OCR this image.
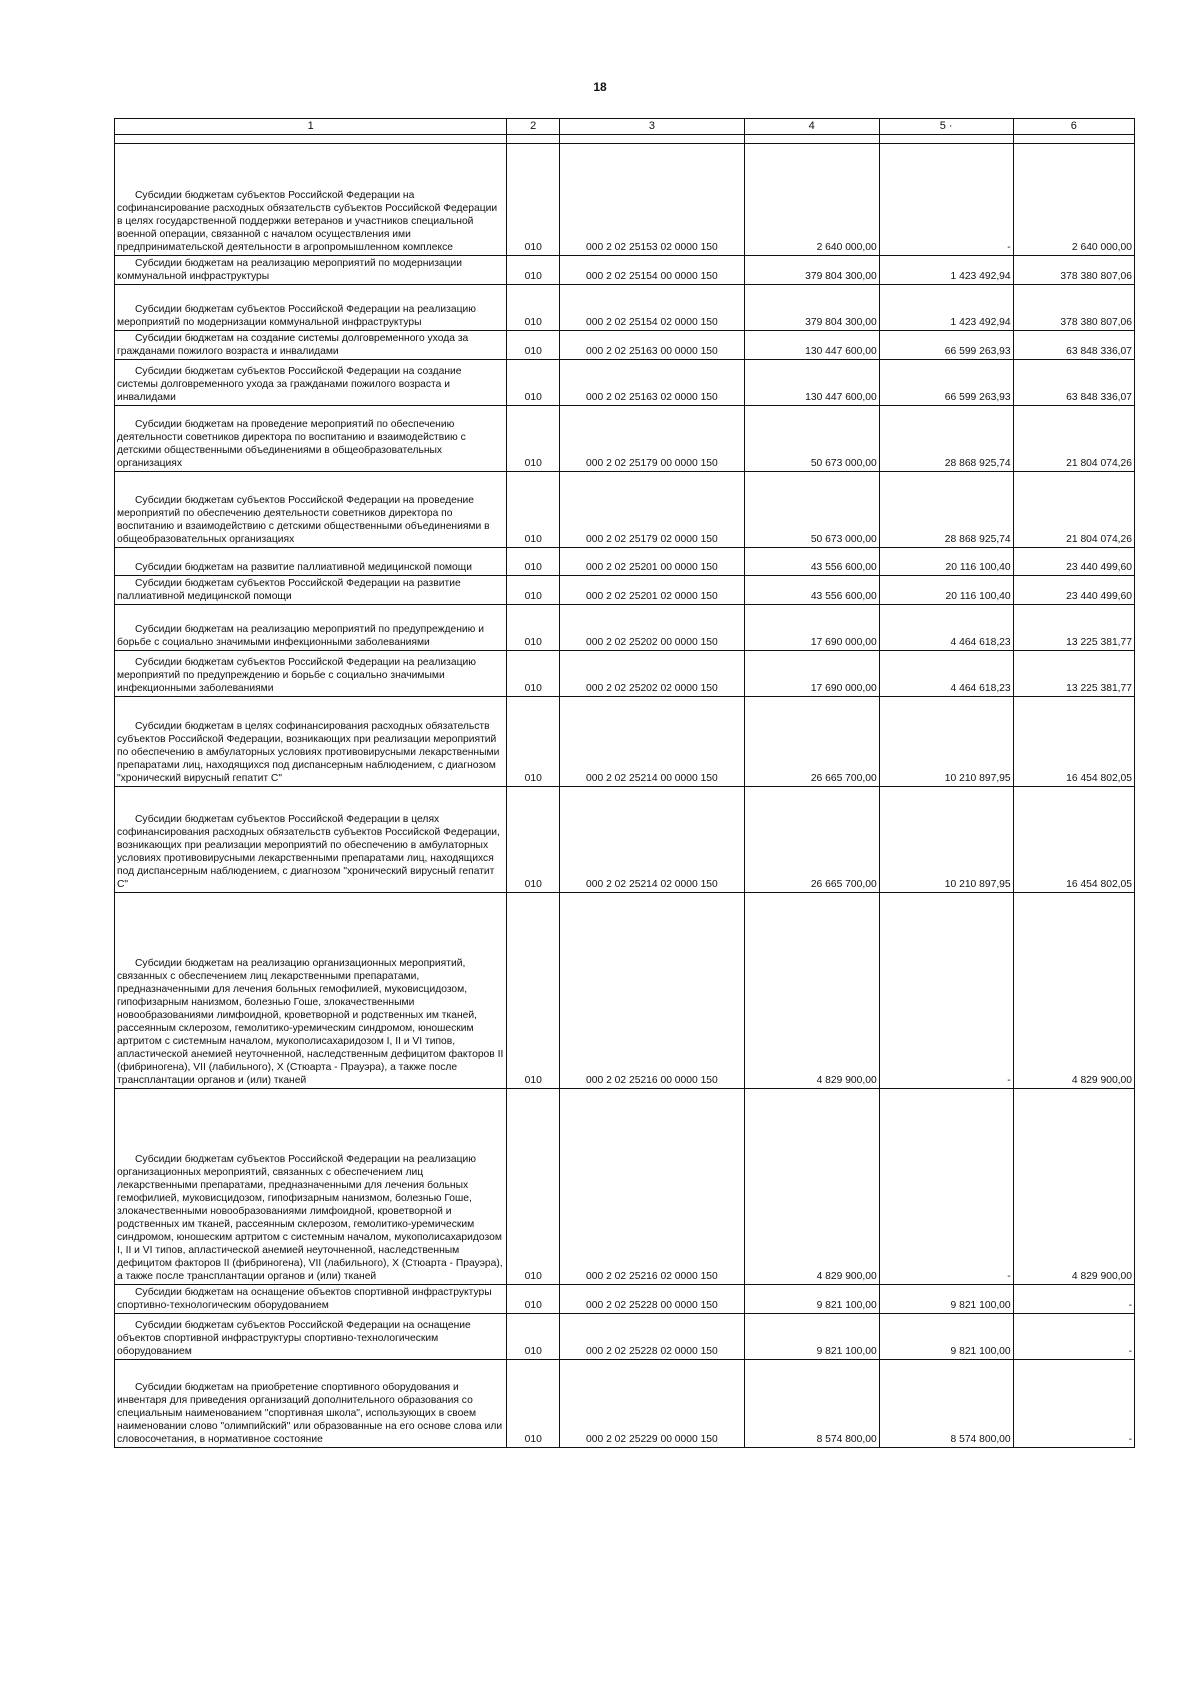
18
1	2	3	4	5 ·	6

Субсидии бюджетам субъектов Российской Федерации на софинансирование расходных обязательств субъектов Российской Федерации в целях государственной поддержки ветеранов и участников специальной военной операции, связанной с началом осуществления ими предпринимательской деятельности в агропромышленном комплексе	010	000 2 02 25153 02 0000 150	2 640 000,00	-	2 640 000,00

Субсидии бюджетам на реализацию мероприятий по модернизации коммунальной инфраструктуры	010	000 2 02 25154 00 0000 150	379 804 300,00	1 423 492,94	378 380 807,06

Субсидии бюджетам субъектов Российской Федерации на реализацию мероприятий по модернизации коммунальной инфраструктуры	010	000 2 02 25154 02 0000 150	379 804 300,00	1 423 492,94	378 380 807,06

Субсидии бюджетам на создание системы долговременного ухода за гражданами пожилого возраста и инвалидами	010	000 2 02 25163 00 0000 150	130 447 600,00	66 599 263,93	63 848 336,07

Субсидии бюджетам субъектов Российской Федерации на создание системы долговременного ухода за гражданами пожилого возраста и инвалидами	010	000 2 02 25163 02 0000 150	130 447 600,00	66 599 263,93	63 848 336,07

Субсидии бюджетам на проведение мероприятий по обеспечению деятельности советников директора по воспитанию и взаимодействию с детскими общественными объединениями в общеобразовательных организациях	010	000 2 02 25179 00 0000 150	50 673 000,00	28 868 925,74	21 804 074,26

Субсидии бюджетам субъектов Российской Федерации на проведение мероприятий по обеспечению деятельности советников директора по воспитанию и взаимодействию с детскими общественными объединениями в общеобразовательных организациях	010	000 2 02 25179 02 0000 150	50 673 000,00	28 868 925,74	21 804 074,26

Субсидии бюджетам на развитие паллиативной медицинской помощи	010	000 2 02 25201 00 0000 150	43 556 600,00	20 116 100,40	23 440 499,60

Субсидии бюджетам субъектов Российской Федерации на развитие паллиативной медицинской помощи	010	000 2 02 25201 02 0000 150	43 556 600,00	20 116 100,40	23 440 499,60

Субсидии бюджетам на реализацию мероприятий по предупреждению и борьбе с социально значимыми инфекционными заболеваниями	010	000 2 02 25202 00 0000 150	17 690 000,00	4 464 618,23	13 225 381,77

Субсидии бюджетам субъектов Российской Федерации на реализацию мероприятий по предупреждению и борьбе с социально значимыми инфекционными заболеваниями	010	000 2 02 25202 02 0000 150	17 690 000,00	4 464 618,23	13 225 381,77

Субсидии бюджетам в целях софинансирования расходных обязательств субъектов Российской Федерации, возникающих при реализации мероприятий по обеспечению в амбулаторных условиях противовирусными лекарственными препаратами лиц, находящихся под диспансерным наблюдением, с диагнозом "хронический вирусный гепатит С"	010	000 2 02 25214 00 0000 150	26 665 700,00	10 210 897,95	16 454 802,05

Субсидии бюджетам субъектов Российской Федерации в целях софинансирования расходных обязательств субъектов Российской Федерации, возникающих при реализации мероприятий по обеспечению в амбулаторных условиях противовирусными лекарственными препаратами лиц, находящихся под диспансерным наблюдением, с диагнозом "хронический вирусный гепатит С"	010	000 2 02 25214 02 0000 150	26 665 700,00	10 210 897,95	16 454 802,05

Субсидии бюджетам на реализацию организационных мероприятий, связанных с обеспечением лиц лекарственными препаратами, предназначенными для лечения больных гемофилией, муковисцидозом, гипофизарным нанизмом, болезнью Гоше, злокачественными новообразованиями лимфоидной, кроветворной и родственных им тканей, рассеянным склерозом, гемолитико-уремическим синдромом, юношеским артритом с системным началом, мукополисахаридозом I, II и VI типов, апластической анемией неуточненной, наследственным дефицитом факторов II (фибриногена), VII (лабильного), X (Стюарта - Прауэра), а также после трансплантации органов и (или) тканей	010	000 2 02 25216 00 0000 150	4 829 900,00	-	4 829 900,00

Субсидии бюджетам субъектов Российской Федерации на реализацию организационных мероприятий, связанных с обеспечением лиц лекарственными препаратами, предназначенными для лечения больных гемофилией, муковисцидозом, гипофизарным нанизмом, болезнью Гоше, злокачественными новообразованиями лимфоидной, кроветворной и родственных им тканей, рассеянным склерозом, гемолитико-уремическим синдромом, юношеским артритом с системным началом, мукополисахаридозом I, II и VI типов, апластической анемией неуточненной, наследственным дефицитом факторов II (фибриногена), VII (лабильного), X (Стюарта - Прауэра), а также после трансплантации органов и (или) тканей	010	000 2 02 25216 02 0000 150	4 829 900,00	-	4 829 900,00

Субсидии бюджетам на оснащение объектов спортивной инфраструктуры спортивно-технологическим оборудованием	010	000 2 02 25228 00 0000 150	9 821 100,00	9 821 100,00	-

Субсидии бюджетам субъектов Российской Федерации на оснащение объектов спортивной инфраструктуры спортивно-технологическим оборудованием	010	000 2 02 25228 02 0000 150	9 821 100,00	9 821 100,00	-

Субсидии бюджетам на приобретение спортивного оборудования и инвентаря для приведения организаций дополнительного образования со специальным наименованием "спортивная школа", использующих в своем наименовании слово "олимпийский" или образованные на его основе слова или словосочетания, в нормативное состояние	010	000 2 02 25229 00 0000 150	8 574 800,00	8 574 800,00	-
